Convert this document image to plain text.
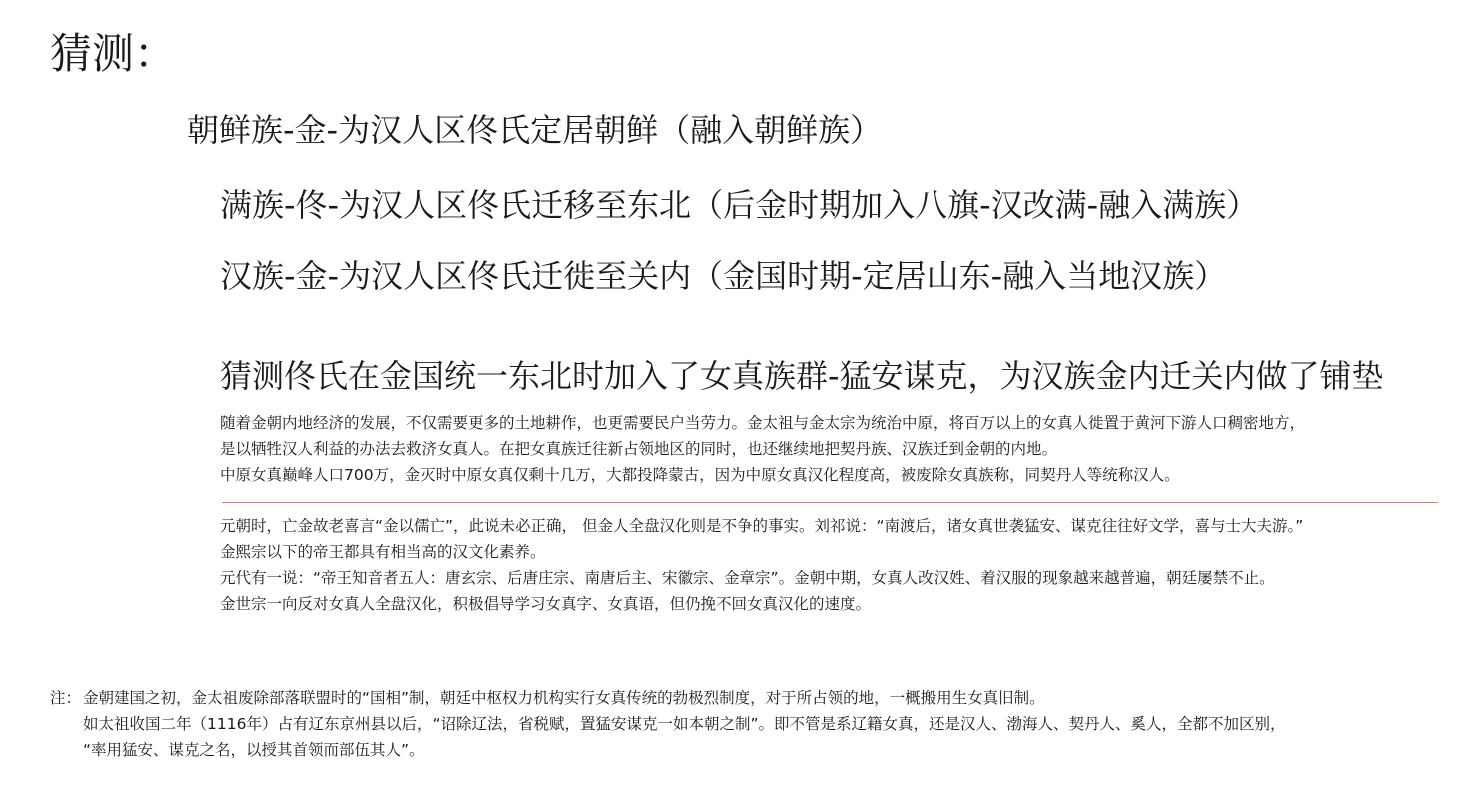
猜测：
朝鲜族-金-为汉人区佟氏定居朝鲜（融入朝鲜族）
满族-佟-为汉人区佟氏迁移至东北（后金时期加入八旗-汉改满-融入满族）
汉族-金-为汉人区佟氏迁徙至关内（金国时期-定居山东-融入当地汉族）
猜测佟氏在金国统一东北时加入了女真族群-猛安谋克，为汉族金内迁关内做了铺垫
随着金朝内地经济的发展，不仅需要更多的土地耕作，也更需要民户当劳力。金太祖与金太宗为统治中原，将百万以上的女真人徙置于黄河下游人口稠密地方，
是以牺牲汉人利益的办法去救济女真人。在把女真族迁往新占领地区的同时，也还继续地把契丹族、汉族迁到金朝的内地。
中原女真巅峰人口700万，金灭时中原女真仅剩十几万，大都投降蒙古，因为中原女真汉化程度高，被废除女真族称，同契丹人等统称汉人。
元朝时，亡金故老喜言“金以儒亡”，此说未必正确， 但金人全盘汉化则是不争的事实。刘祁说：“南渡后，诸女真世袭猛安、谋克往往好文学，喜与士大夫游。”
金熙宗以下的帝王都具有相当高的汉文化素养。
元代有一说：“帝王知音者五人：唐玄宗、后唐庄宗、南唐后主、宋徽宗、金章宗”。金朝中期，女真人改汉姓、着汉服的现象越来越普遍，朝廷屡禁不止。
金世宗一向反对女真人全盘汉化，积极倡导学习女真字、女真语，但仍挽不回女真汉化的速度。
注： 金朝建国之初，金太祖废除部落联盟时的“国相”制，朝廷中枢权力机构实行女真传统的勃极烈制度，对于所占领的地，一概搬用生女真旧制。
如太祖收国二年（1116年）占有辽东京州县以后，“诏除辽法，省税赋，置猛安谋克一如本朝之制”。即不管是系辽籍女真，还是汉人、渤海人、契丹人、奚人，全都不加区别，
“率用猛安、谋克之名，以授其首领而部伍其人”。
